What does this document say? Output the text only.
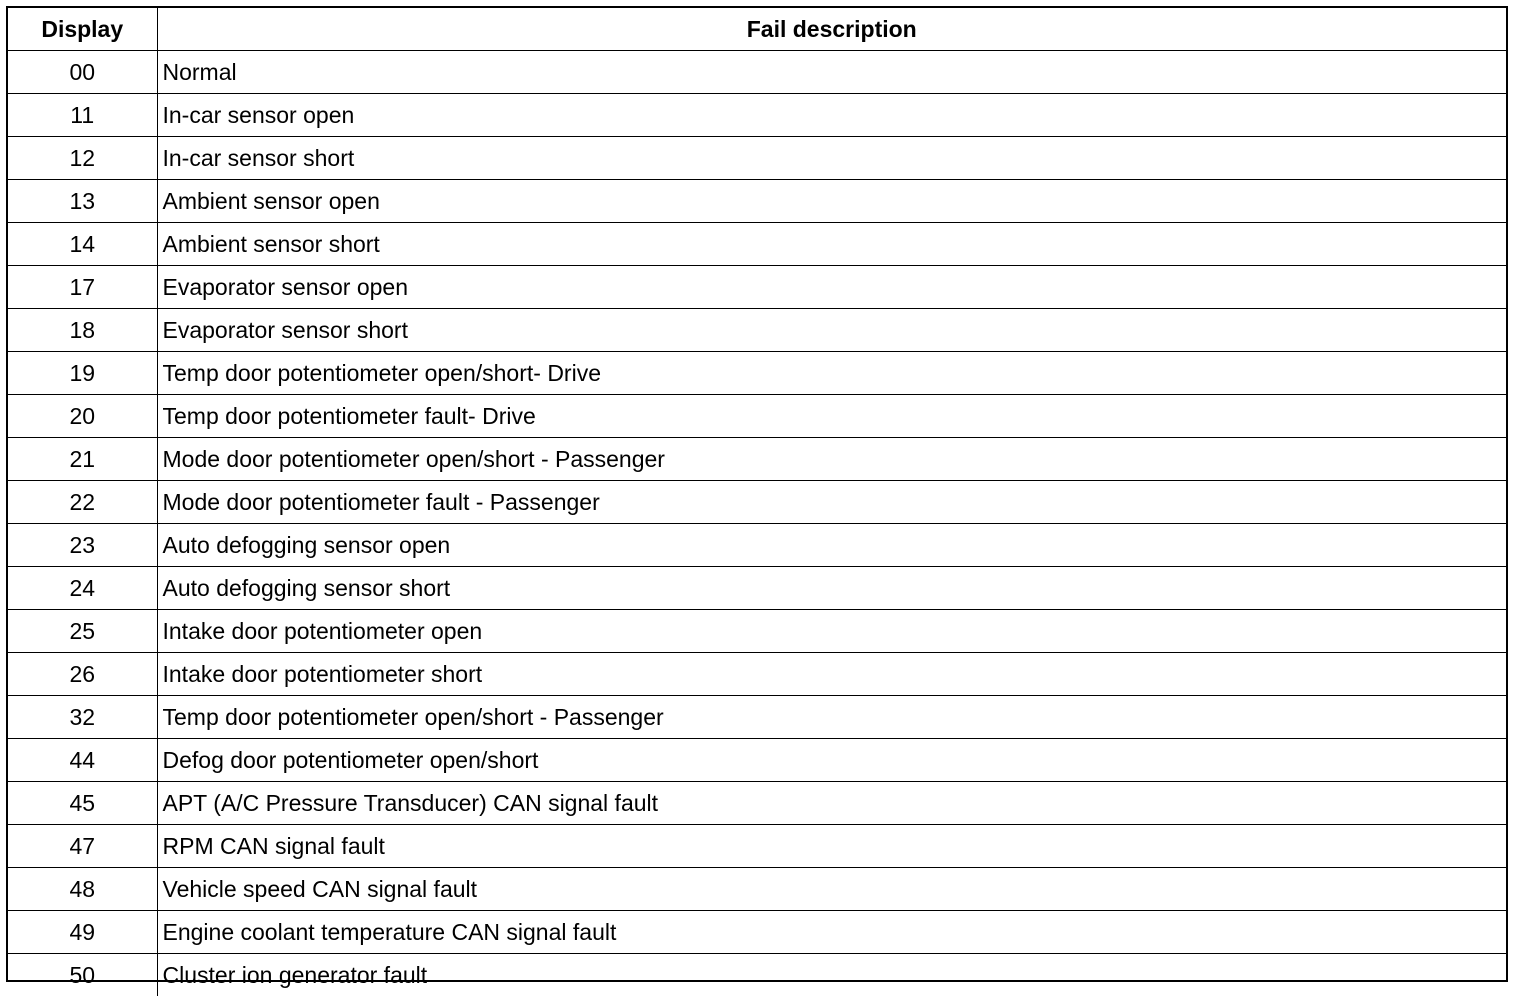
Display	Fail description
00	Normal
11	In-car sensor open
12	In-car sensor short
13	Ambient sensor open
14	Ambient sensor short
17	Evaporator sensor open
18	Evaporator sensor short
19	Temp door potentiometer open/short- Drive
20	Temp door potentiometer fault- Drive
21	Mode door potentiometer open/short - Passenger
22	Mode door potentiometer fault - Passenger
23	Auto defogging sensor open
24	Auto defogging sensor short
25	Intake door potentiometer open
26	Intake door potentiometer short
32	Temp door potentiometer open/short - Passenger
44	Defog door potentiometer open/short
45	APT (A/C Pressure Transducer) CAN signal fault
47	RPM CAN signal fault
48	Vehicle speed CAN signal fault
49	Engine coolant temperature CAN signal fault
50	Cluster ion generator fault
